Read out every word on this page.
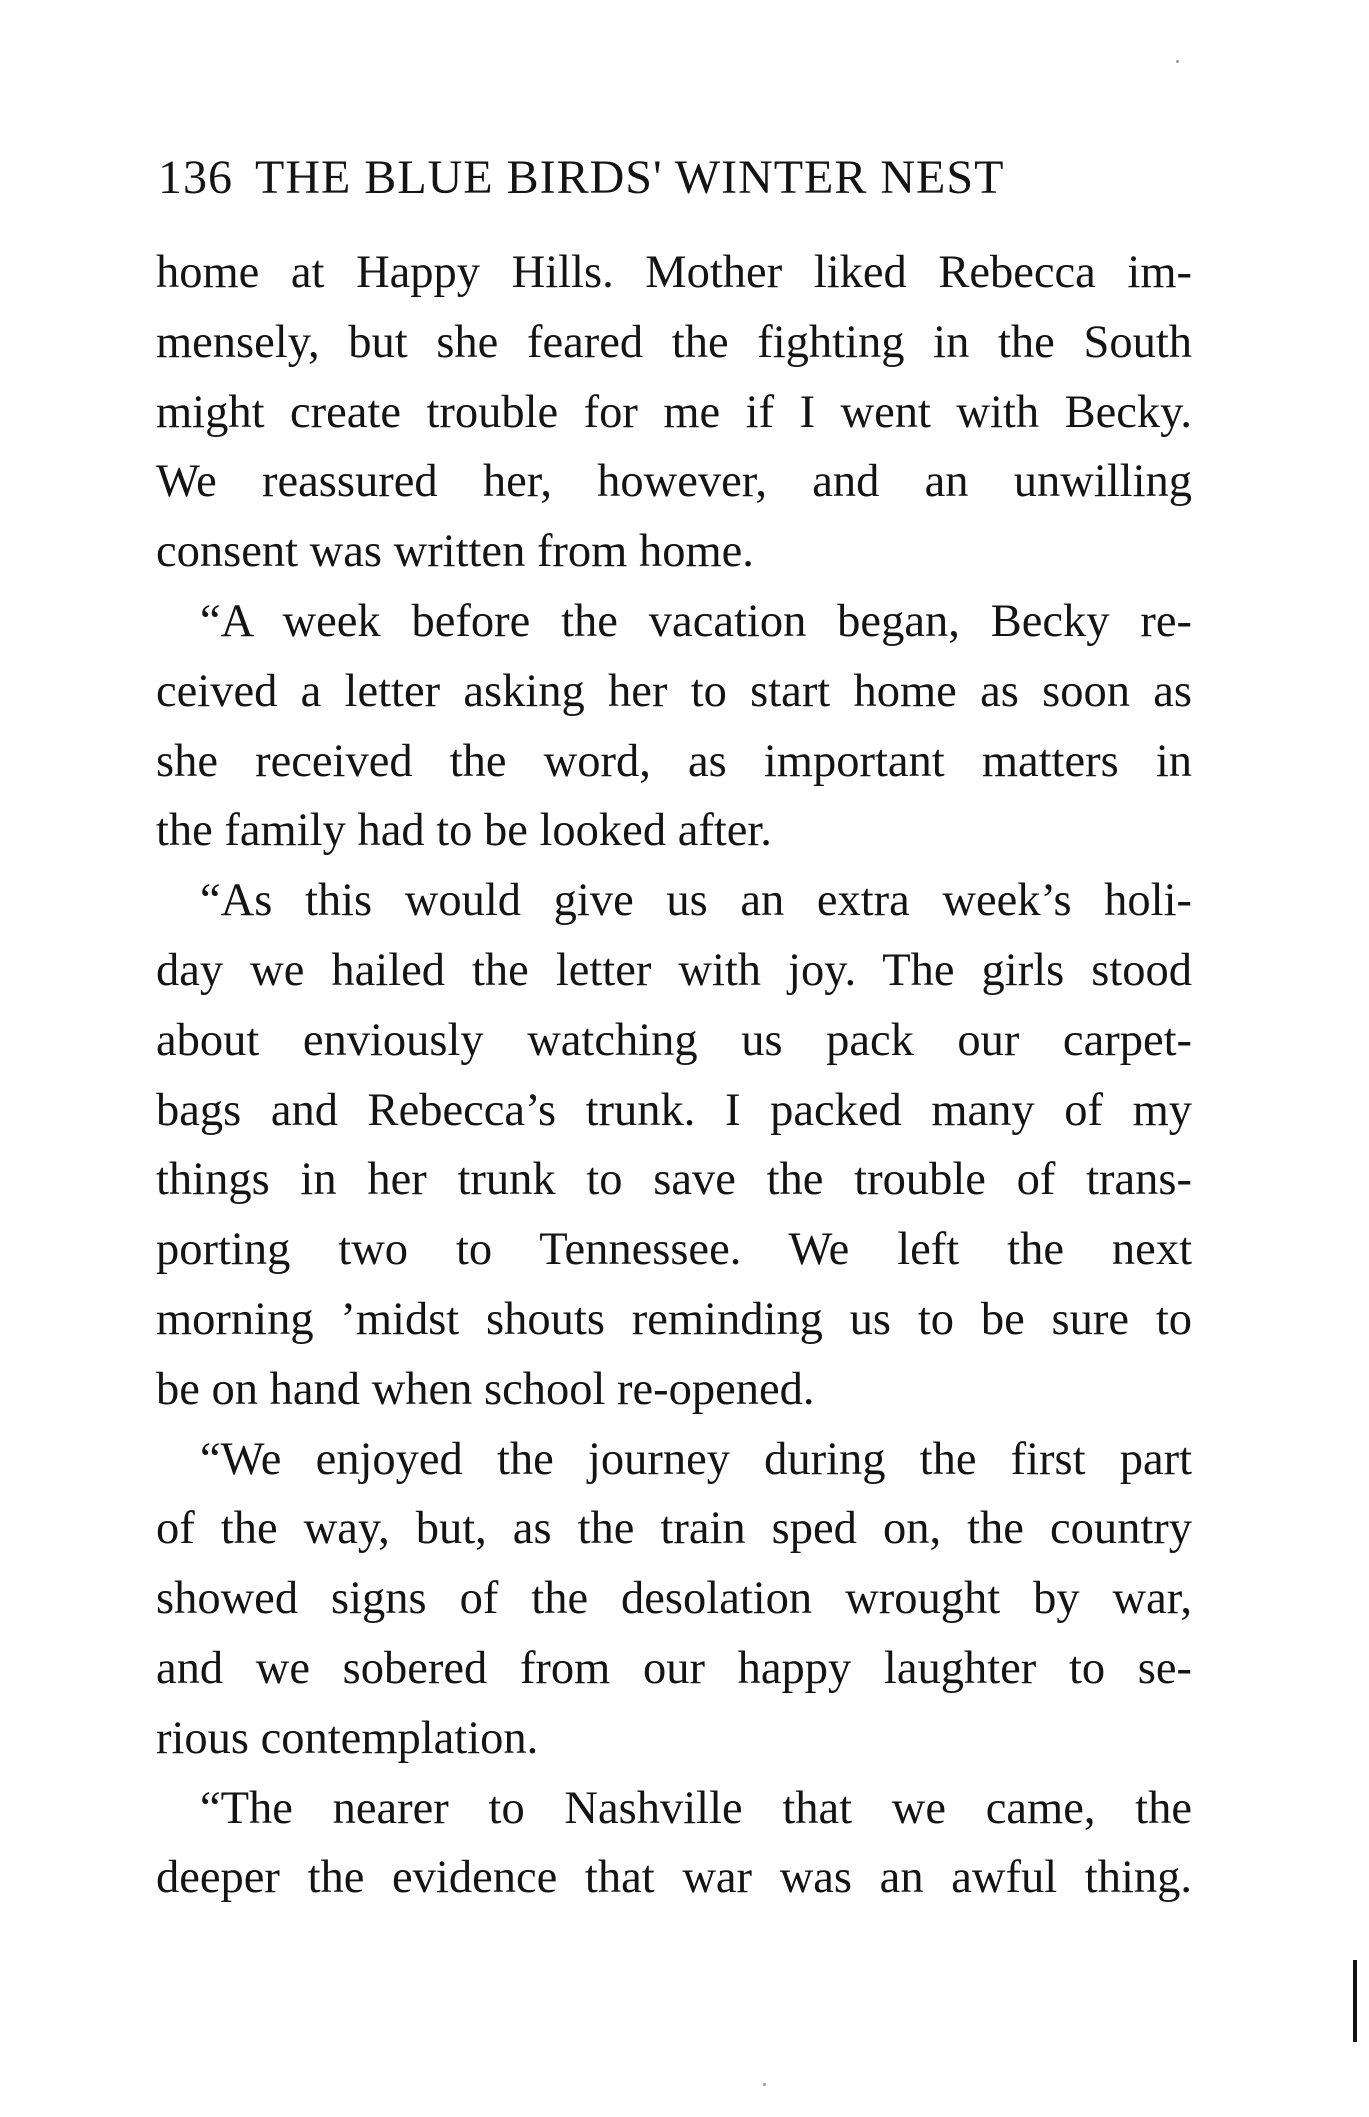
136 THE BLUE BIRDS' WINTER NEST
home at Happy Hills. Mother liked Rebecca im-
mensely, but she feared the fighting in the South
might create trouble for me if I went with Becky.
We reassured her, however, and an unwilling
consent was written from home.
“A week before the vacation began, Becky re-
ceived a letter asking her to start home as soon as
she received the word, as important matters in
the family had to be looked after.
“As this would give us an extra week’s holi-
day we hailed the letter with joy. The girls stood
about enviously watching us pack our carpet-
bags and Rebecca’s trunk. I packed many of my
things in her trunk to save the trouble of trans-
porting two to Tennessee. We left the next
morning ’midst shouts reminding us to be sure to
be on hand when school re-opened.
“We enjoyed the journey during the first part
of the way, but, as the train sped on, the country
showed signs of the desolation wrought by war,
and we sobered from our happy laughter to se-
rious contemplation.
“The nearer to Nashville that we came, the
deeper the evidence that war was an awful thing.
